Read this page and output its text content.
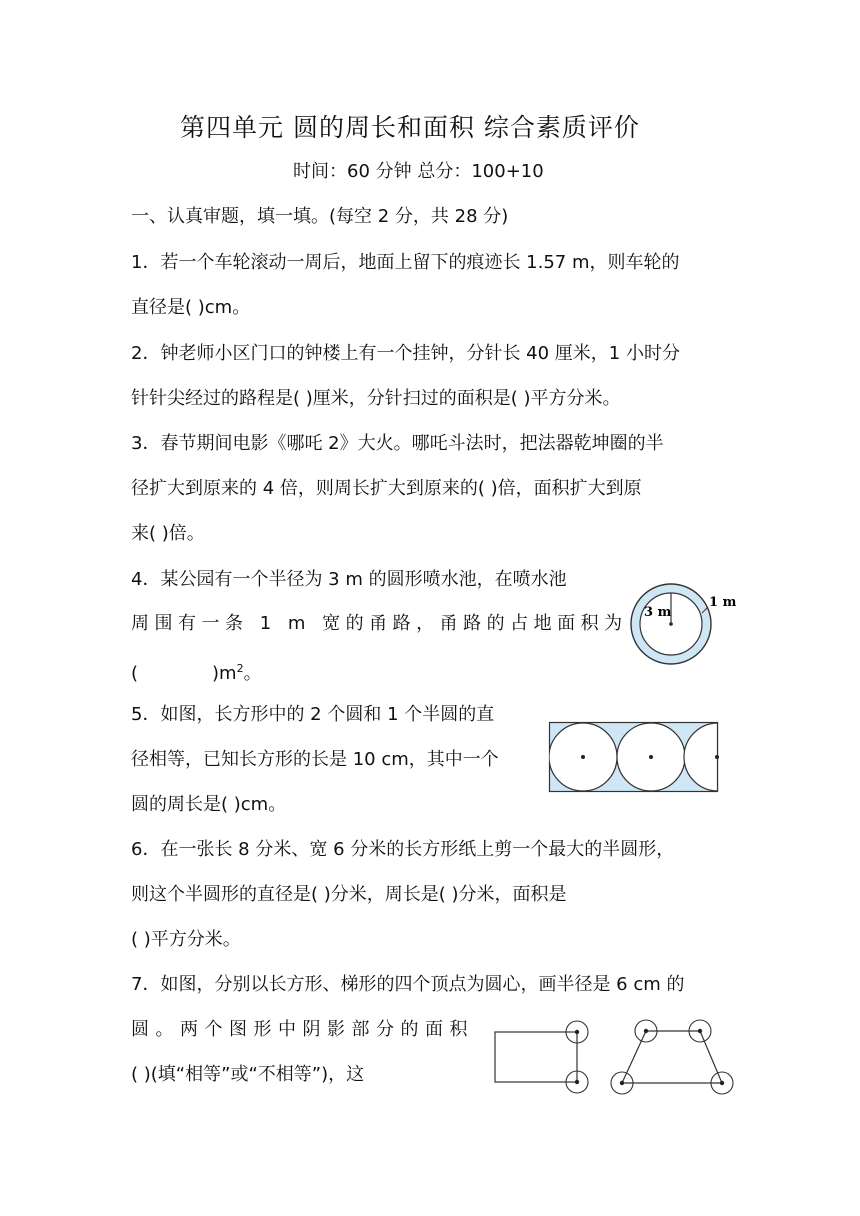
第四单元 圆的周长和面积 综合素质评价
时间：60 分钟 总分：100+10
一、认真审题，填一填。(每空 2 分，共 28 分)
1．若一个车轮滚动一周后，地面上留下的痕迹长 1.57 m，则车轮的
直径是( )cm。
2．钟老师小区门口的钟楼上有一个挂钟，分针长 40 厘米，1 小时分
针针尖经过的路程是( )厘米，分针扫过的面积是( )平方分米。
3．春节期间电影《哪吒 2》大火。哪吒斗法时，把法器乾坤圈的半
径扩大到原来的 4 倍，则周长扩大到原来的( )倍，面积扩大到原
来( )倍。
4．某公园有一个半径为 3 m 的圆形喷水池，在喷水池
周围有一条 1 m 宽的甬路，甬路的占地面积为
(	)$m^2$。
3 m
1 m
5．如图，长方形中的 2 个圆和 1 个半圆的直
径相等，已知长方形的长是 10 cm，其中一个
圆的周长是( )cm。
6．在一张长 8 分米、宽 6 分米的长方形纸上剪一个最大的半圆形，
则这个半圆形的直径是( )分米，周长是( )分米，面积是
( )平方分米。
7．如图，分别以长方形、梯形的四个顶点为圆心，画半径是 6 cm 的
圆。两个图形中阴影部分的面积
( )(填“相等”或“不相等”)，这
